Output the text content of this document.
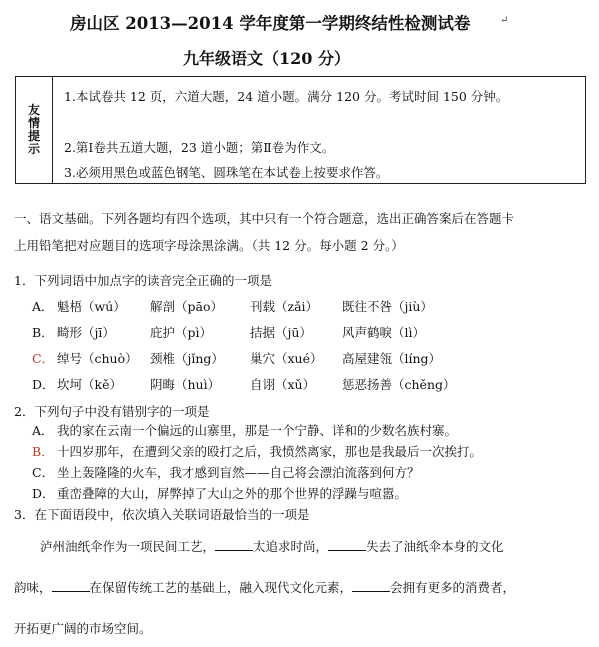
房山区 2013—2014 学年度第一学期终结性检测试卷	↵
九年级语文（120 分）
友
情
提
示
1.本试卷共 12 页，六道大题，24 道小题。满分 120 分。考试时间 150 分钟。
2.第Ⅰ卷共五道大题，23 道小题；第Ⅱ卷为作文。
3.必须用黑色或蓝色钢笔、圆珠笔在本试卷上按要求作答。
一、语文基础。下列各题均有四个选项，其中只有一个符合题意，选出正确答案后在答题卡
上用铅笔把对应题目的选项字母涂黑涂满。（共 12 分。每小题 2 分。）
1．下列词语中加点字的读音完全正确的一项是
A． 魁梧（wú） 解剖（pāo） 刊载（zǎi） 既往不咎（jiù）
B． 畸形（jī）	庇护（pì）	拮据（jū） 风声鹤唳（lì）
C． 绰号（chuò） 颈椎（jǐng） 巢穴（xué） 高屋建瓴（líng）
D． 坎坷（kě） 阴晦（huì） 自诩（xǔ） 惩恶扬善（chěng）
2．下列句子中没有错别字的一项是
A． 我的家在云南一个偏远的山寨里，那是一个宁静、详和的少数名族村寨。
B． 十四岁那年，在遭到父亲的殴打之后，我愤然离家，那也是我最后一次挨打。
C． 坐上轰隆隆的火车，我才感到盲然——自己将会漂泊流落到何方？
D． 重峦叠障的大山，屏弊掉了大山之外的那个世界的浮躁与喧嚣。
3．在下面语段中，依次填入关联词语最恰当的一项是
泸州油纸伞作为一项民间工艺，	太追求时尚，	失去了油纸伞本身的文化
韵味，	在保留传统工艺的基础上，融入现代文化元素，	会拥有更多的消费者，
开拓更广阔的市场空间。
